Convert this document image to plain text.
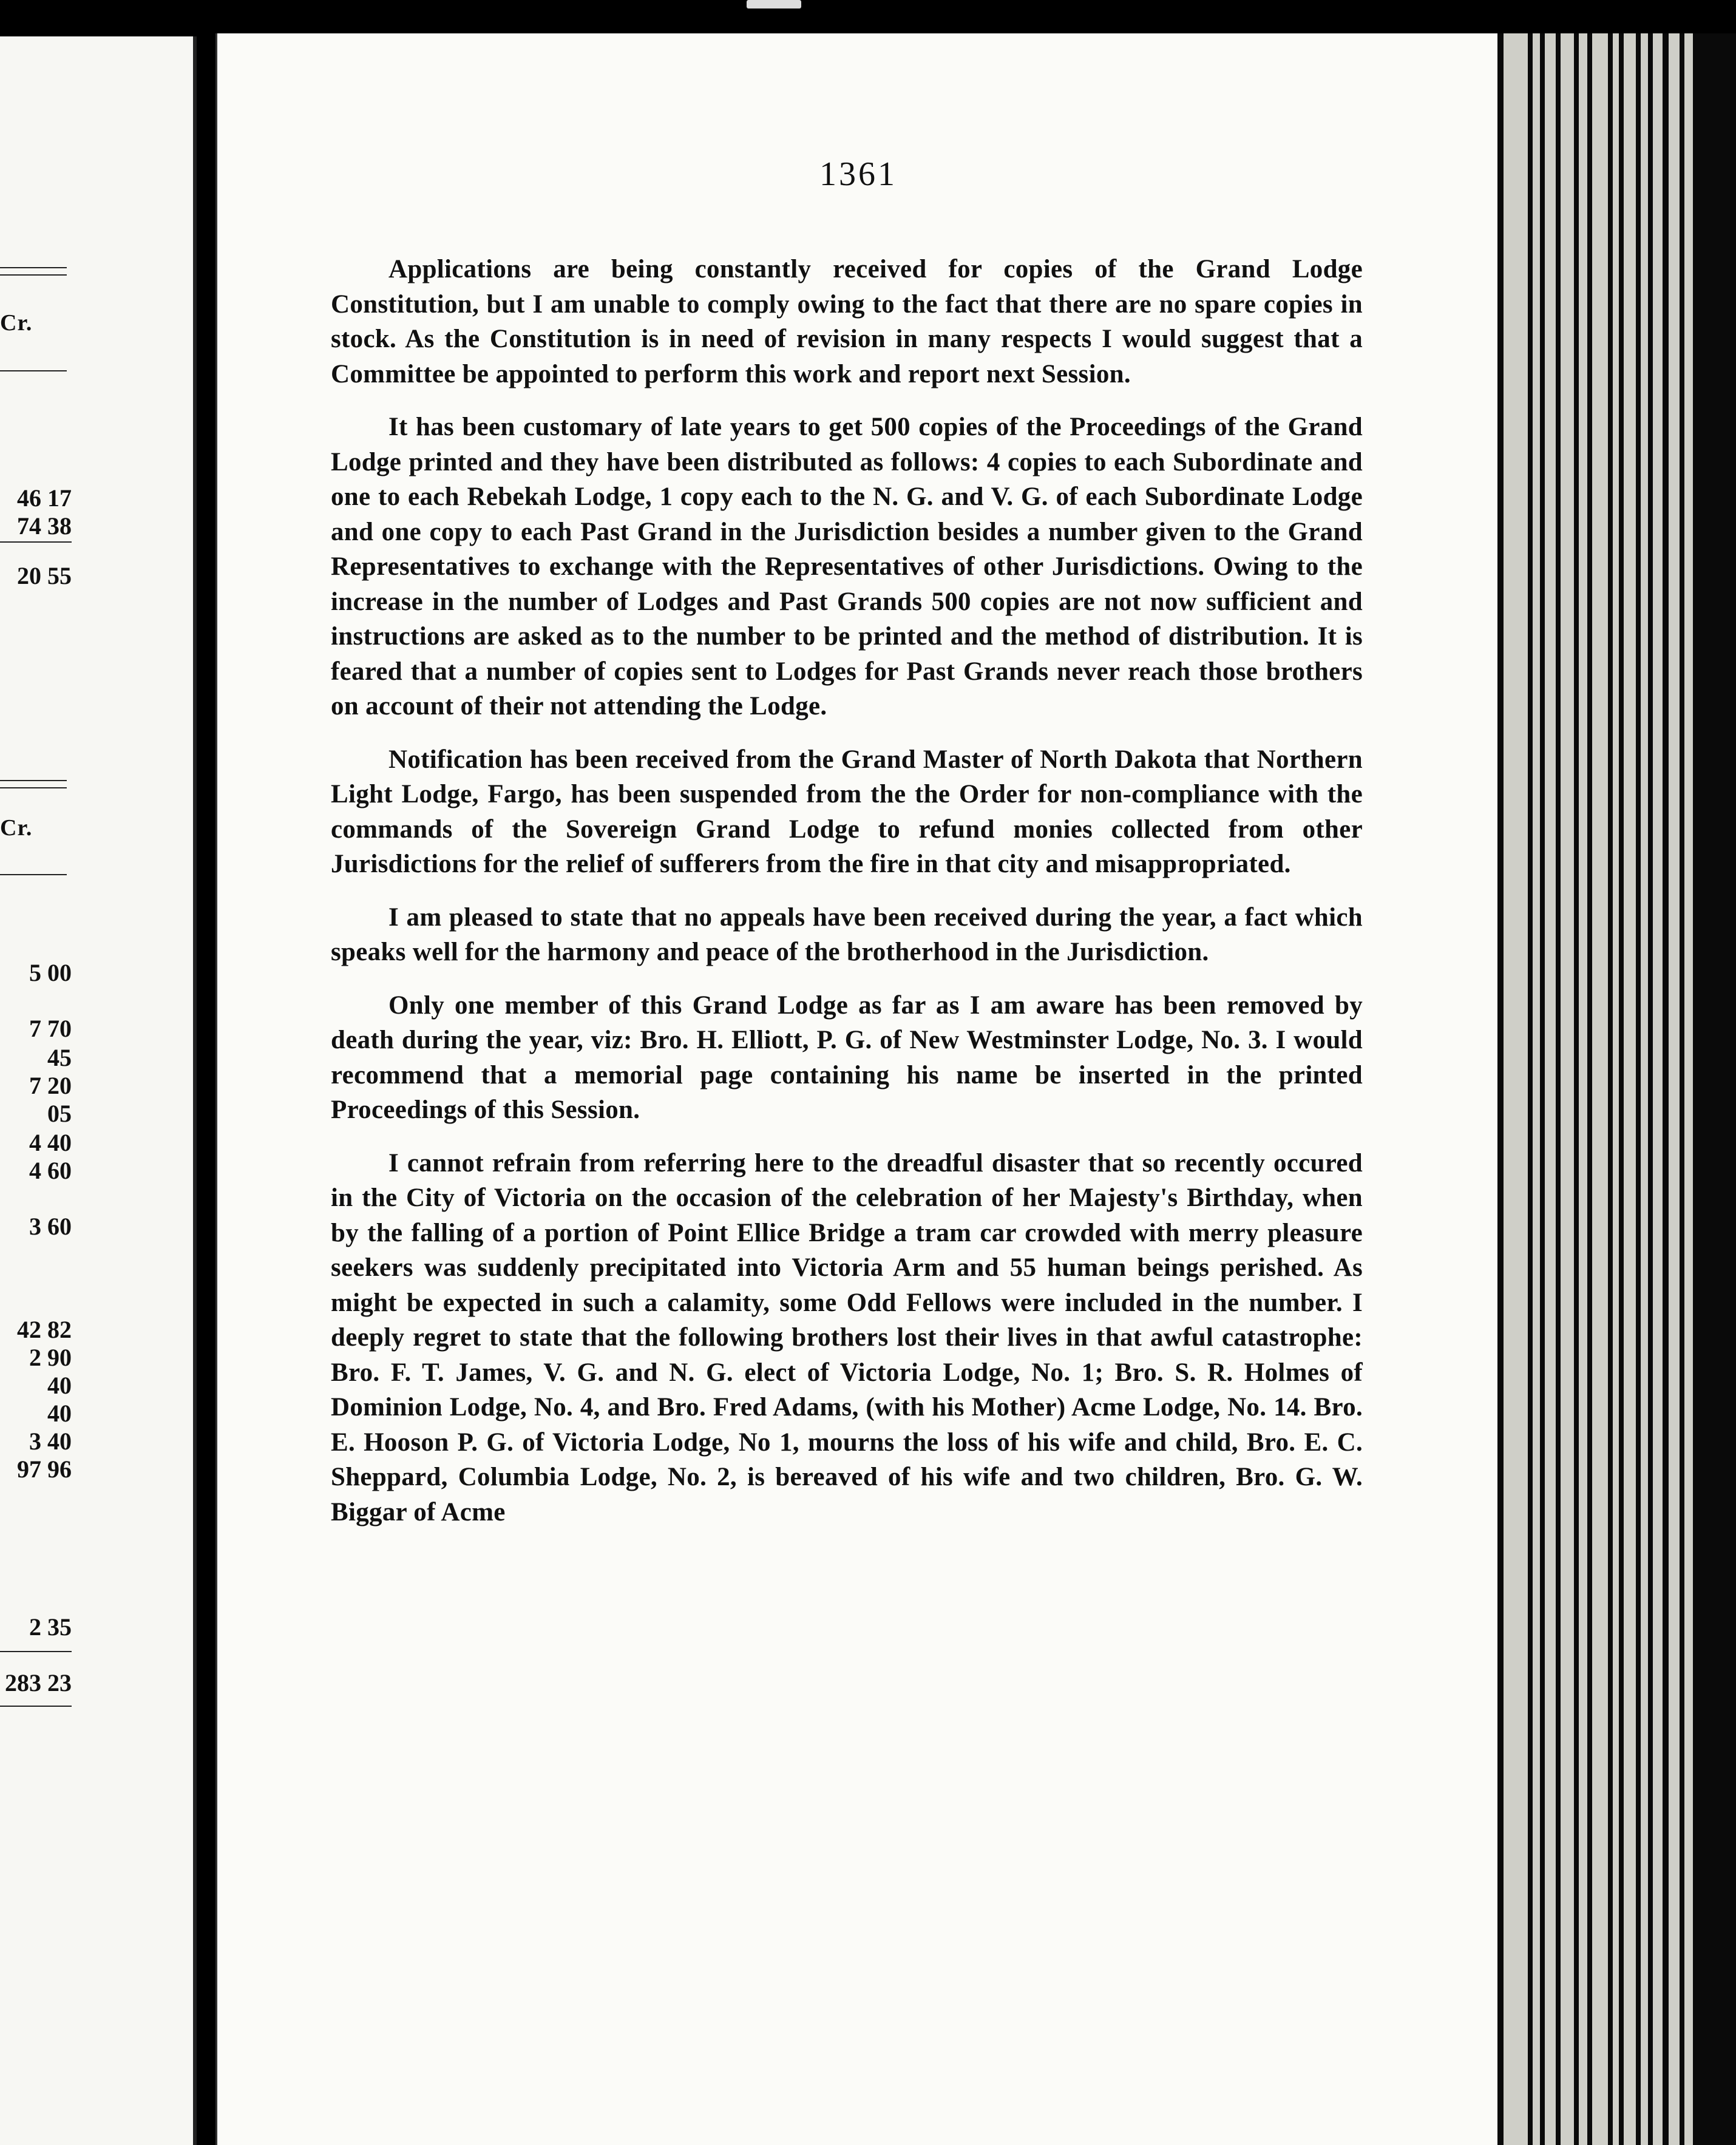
Cr.
46 17
74 38
20 55
Cr.
5 00
7 70
45
7 20
05
4 40
4 60
3 60
42 82
2 90
40
40
3 40
97 96
2 35
283 23
1361

Applications are being constantly received for copies of the Grand Lodge Constitution, but I am unable to comply owing to the fact that there are no spare copies in stock. As the Constitution is in need of revision in many respects I would suggest that a Committee be appointed to perform this work and report next Session.

It has been customary of late years to get 500 copies of the Proceedings of the Grand Lodge printed and they have been distributed as follows: 4 copies to each Subordinate and one to each Rebekah Lodge, 1 copy each to the N. G. and V. G. of each Subordinate Lodge and one copy to each Past Grand in the Jurisdiction besides a number given to the Grand Representatives to exchange with the Representatives of other Jurisdictions. Owing to the increase in the number of Lodges and Past Grands 500 copies are not now sufficient and instructions are asked as to the number to be printed and the method of distribution. It is feared that a number of copies sent to Lodges for Past Grands never reach those brothers on account of their not attending the Lodge.

Notification has been received from the Grand Master of North Dakota that Northern Light Lodge, Fargo, has been suspended from the the Order for non-compliance with the commands of the Sovereign Grand Lodge to refund monies collected from other Jurisdictions for the relief of sufferers from the fire in that city and misappropriated.

I am pleased to state that no appeals have been received during the year, a fact which speaks well for the harmony and peace of the brotherhood in the Jurisdiction.

Only one member of this Grand Lodge as far as I am aware has been removed by death during the year, viz: Bro. H. Elliott, P. G. of New Westminster Lodge, No. 3. I would recommend that a memorial page containing his name be inserted in the printed Proceedings of this Session.

I cannot refrain from referring here to the dreadful disaster that so recently occured in the City of Victoria on the occasion of the celebration of her Majesty's Birthday, when by the falling of a portion of Point Ellice Bridge a tram car crowded with merry pleasure seekers was suddenly precipitated into Victoria Arm and 55 human beings perished. As might be expected in such a calamity, some Odd Fellows were included in the number. I deeply regret to state that the following brothers lost their lives in that awful catastrophe: Bro. F. T. James, V. G. and N. G. elect of Victoria Lodge, No. 1; Bro. S. R. Holmes of Dominion Lodge, No. 4, and Bro. Fred Adams, (with his Mother) Acme Lodge, No. 14. Bro. E. Hooson P. G. of Victoria Lodge, No 1, mourns the loss of his wife and child, Bro. E. C. Sheppard, Columbia Lodge, No. 2, is bereaved of his wife and two children, Bro. G. W. Biggar of Acme
